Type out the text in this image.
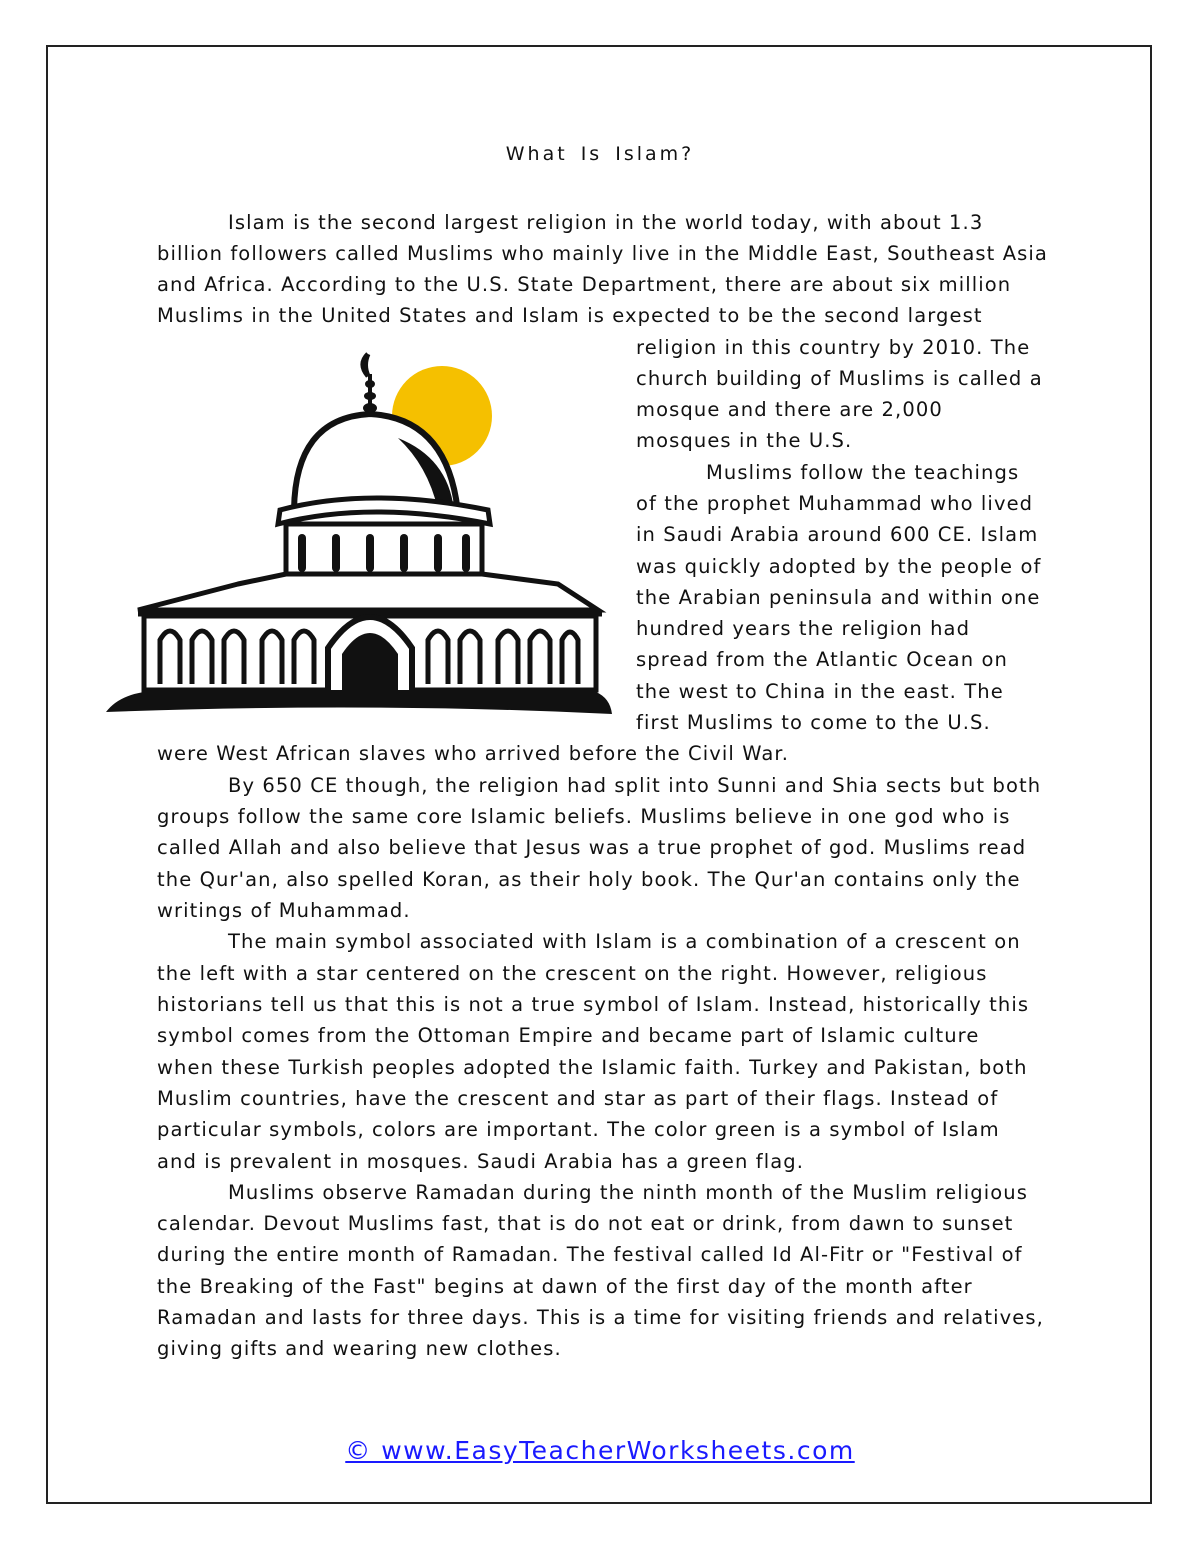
What Is Islam?
Islam is the second largest religion in the world today, with about 1.3
billion followers called Muslims who mainly live in the Middle East, Southeast Asia
and Africa. According to the U.S. State Department, there are about six million
Muslims in the United States and Islam is expected to be the second largest
religion in this country by 2010. The
church building of Muslims is called a
mosque and there are 2,000
mosques in the U.S.
Muslims follow the teachings
of the prophet Muhammad who lived
in Saudi Arabia around 600 CE. Islam
was quickly adopted by the people of
the Arabian peninsula and within one
hundred years the religion had
spread from the Atlantic Ocean on
the west to China in the east. The
first Muslims to come to the U.S.
were West African slaves who arrived before the Civil War.
By 650 CE though, the religion had split into Sunni and Shia sects but both
groups follow the same core Islamic beliefs. Muslims believe in one god who is
called Allah and also believe that Jesus was a true prophet of god. Muslims read
the Qur'an, also spelled Koran, as their holy book. The Qur'an contains only the
writings of Muhammad.
The main symbol associated with Islam is a combination of a crescent on
the left with a star centered on the crescent on the right. However, religious
historians tell us that this is not a true symbol of Islam. Instead, historically this
symbol comes from the Ottoman Empire and became part of Islamic culture
when these Turkish peoples adopted the Islamic faith. Turkey and Pakistan, both
Muslim countries, have the crescent and star as part of their flags. Instead of
particular symbols, colors are important. The color green is a symbol of Islam
and is prevalent in mosques. Saudi Arabia has a green flag.
Muslims observe Ramadan during the ninth month of the Muslim religious
calendar. Devout Muslims fast, that is do not eat or drink, from dawn to sunset
during the entire month of Ramadan. The festival called Id Al-Fitr or "Festival of
the Breaking of the Fast" begins at dawn of the first day of the month after
Ramadan and lasts for three days. This is a time for visiting friends and relatives,
giving gifts and wearing new clothes.
© www.EasyTeacherWorksheets.com
